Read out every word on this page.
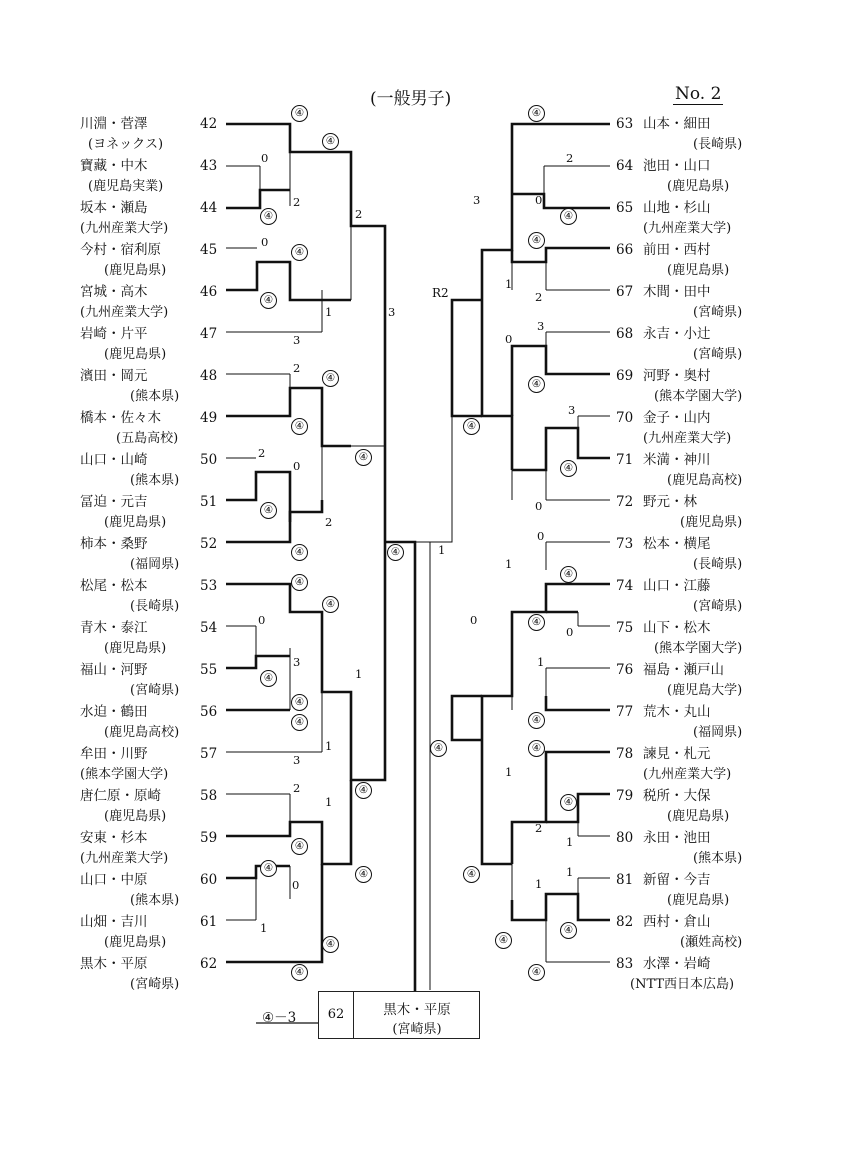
(一般男子)	No. 2
川淵・菅澤
(ヨネックス)
42
寶藏・中木
(鹿児島実業)
43
坂本・瀬島
(九州産業大学)
44
今村・宿利原
(鹿児島県)
45
宮城・高木
(九州産業大学)
46
岩崎・片平
(鹿児島県)
47
濱田・岡元
(熊本県)
48
橋本・佐々木
(五島高校)
49
山口・山崎
(熊本県)
50
冨迫・元吉
(鹿児島県)
51
柿本・桑野
(福岡県)
52
松尾・松本
(長崎県)
53
青木・泰江
(鹿児島県)
54
福山・河野
(宮崎県)
55
水迫・鶴田
(鹿児島高校)
56
牟田・川野
(熊本学園大学)
57
唐仁原・原崎
(鹿児島県)
58
安東・杉本
(九州産業大学)
59
山口・中原
(熊本県)
60
山畑・吉川
(鹿児島県)
61
黒木・平原
(宮崎県)
62
63 山本・細田
(長崎県)
64 池田・山口
(鹿児島県)
65 山地・杉山
(九州産業大学)
66 前田・西村
(鹿児島県)
67 木間・田中
(宮崎県)
68 永吉・小辻
(宮崎県)
69 河野・奥村
(熊本学園大学)
70 金子・山内
(九州産業大学)
71 米満・神川
(鹿児島高校)
72 野元・林
(鹿児島県)
73 松本・横尾
(長崎県)
74 山口・江藤
(宮崎県)
75 山下・松木
(熊本学園大学)
76 福島・瀬戸山
(鹿児島大学)
77 荒木・丸山
(福岡県)
78 諫見・札元
(九州産業大学)
79 税所・大保
(鹿児島県)
80 永田・池田
(熊本県)
81 新留・今吉
(鹿児島県)
82 西村・倉山
(瀬姓高校)
83 水澤・岩崎
(NTT西日本広島)
④
④
④
④
④
④
④
④
④
④
④
④
④
④
④
④
④
④
④
④
④
④
④
④
④
④
④
④
④
④
④
④	④
④
④
④
④
④
0
2
0
3
1
2
2
3
0
2
0
3
1
3
1
2
1
0
1
2
2
0
1
2
3
3
0
3
0
0
1
0
1
0
1
2
1
1
1
1
R2
④－3	62	黒木・平原
(宮崎県)
